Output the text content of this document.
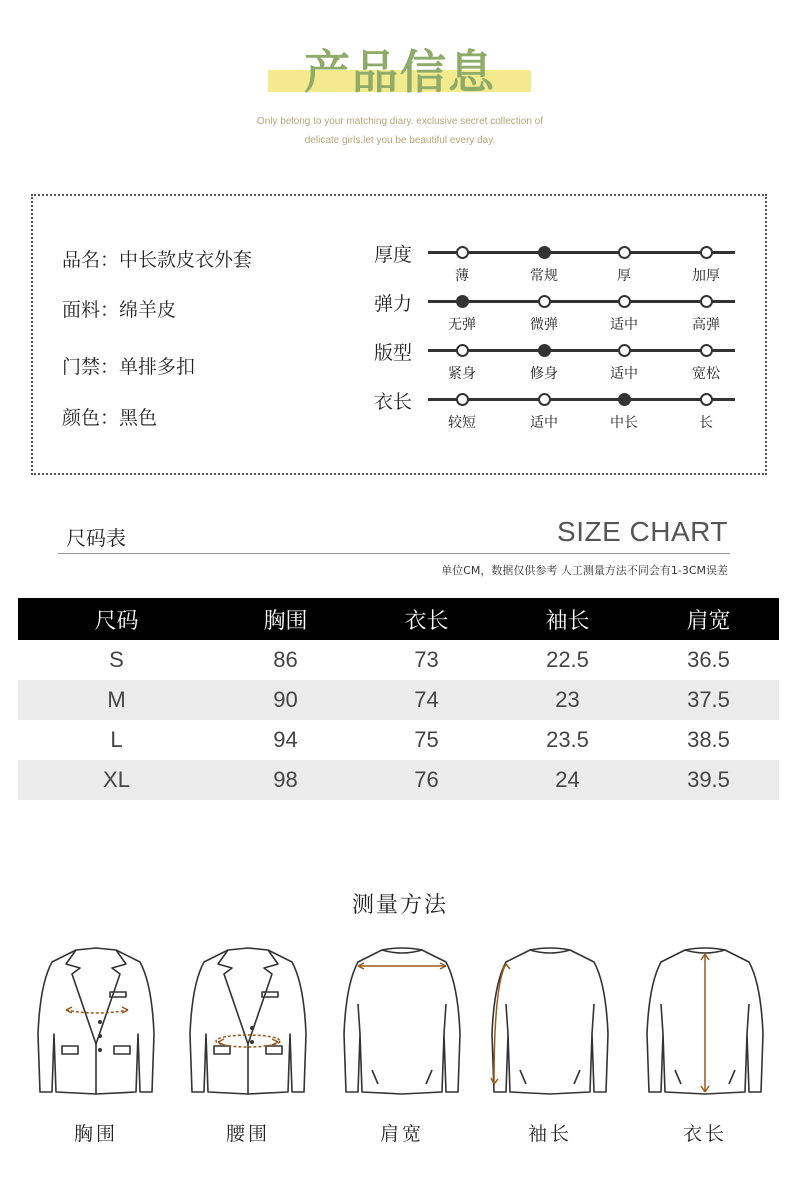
产品信息
Only belong to your matching diary. exclusive secret collection of
delicate girls.let you be beautiful every day.
品名：中长款皮衣外套
面料：绵羊皮
门禁：单排多扣
颜色：黑色
厚度
薄	常规	厚	加厚
弹力
无弹	微弹	适中	高弹
版型
紧身	修身	适中	宽松
衣长
较短	适中	中长	长
尺码表	SIZE CHART
单位CM，数据仅供参考 人工测量方法不同会有1-3CM误差
尺码	胸围	衣长	袖长	肩宽
S	86	73	22.5	36.5
M	90	74	23	37.5
L	94	75	23.5	38.5
XL	98	76	24	39.5
测量方法
胸围	腰围	肩宽	袖长	衣长
